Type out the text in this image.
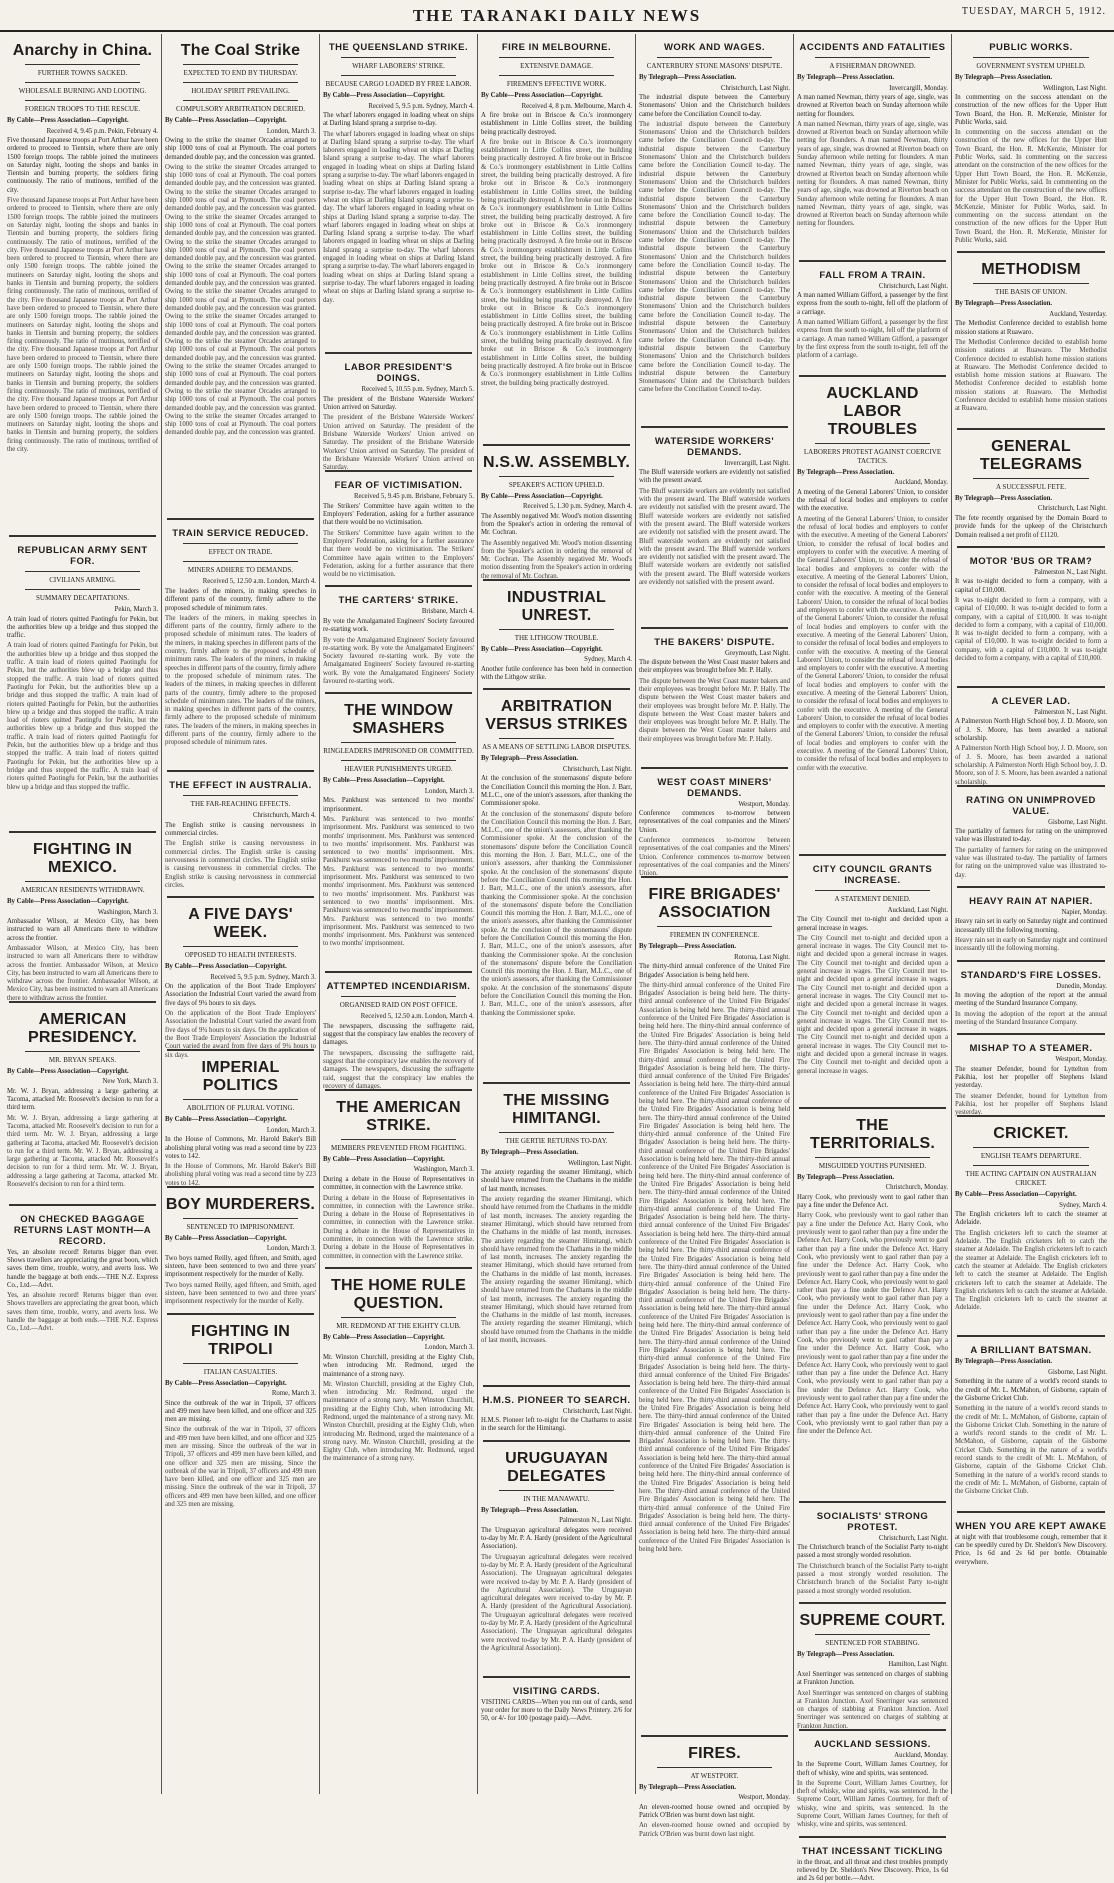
THE TARANAKI DAILY NEWS	TUESDAY, MARCH 5, 1912.
Anarchy in China.
FURTHER TOWNS SACKED.
WHOLESALE BURNING AND LOOTING.
FOREIGN TROOPS TO THE RESCUE.
By Cable—Press Association—Copyright.
Received 4, 9.45 p.m. Pekin, February 4.

Five thousand Japanese troops at Port Arthur have been ordered to proceed to Tientsin, where there are only 1500 foreign troops. The rabble joined the mutineers on Saturday night, looting the shops and banks in Tientsin and burning property, the soldiers firing continuously. The ratio of mutinous, terrified of the city.

Five thousand Japanese troops at Port Arthur have been ordered to proceed to Tientsin, where there are only 1500 foreign troops. The rabble joined the mutineers on Saturday night, looting the shops and banks in Tientsin and burning property, the soldiers firing continuously. The ratio of mutinous, terrified of the city. Five thousand Japanese troops at Port Arthur have been ordered to proceed to Tientsin, where there are only 1500 foreign troops. The rabble joined the mutineers on Saturday night, looting the shops and banks in Tientsin and burning property, the soldiers firing continuously. The ratio of mutinous, terrified of the city. Five thousand Japanese troops at Port Arthur have been ordered to proceed to Tientsin, where there are only 1500 foreign troops. The rabble joined the mutineers on Saturday night, looting the shops and banks in Tientsin and burning property, the soldiers firing continuously. The ratio of mutinous, terrified of the city. Five thousand Japanese troops at Port Arthur have been ordered to proceed to Tientsin, where there are only 1500 foreign troops. The rabble joined the mutineers on Saturday night, looting the shops and banks in Tientsin and burning property, the soldiers firing continuously. The ratio of mutinous, terrified of the city. Five thousand Japanese troops at Port Arthur have been ordered to proceed to Tientsin, where there are only 1500 foreign troops. The rabble joined the mutineers on Saturday night, looting the shops and banks in Tientsin and burning property, the soldiers firing continuously. The ratio of mutinous, terrified of the city.

REPUBLICAN ARMY SENT FOR.
CIVILIANS ARMING.
SUMMARY DECAPITATIONS.
Pekin, March 3.

A train load of rioters quitted Paotingfu for Pekin, but the authorities blew up a bridge and thus stopped the traffic.

A train load of rioters quitted Paotingfu for Pekin, but the authorities blew up a bridge and thus stopped the traffic. A train load of rioters quitted Paotingfu for Pekin, but the authorities blew up a bridge and thus stopped the traffic. A train load of rioters quitted Paotingfu for Pekin, but the authorities blew up a bridge and thus stopped the traffic. A train load of rioters quitted Paotingfu for Pekin, but the authorities blew up a bridge and thus stopped the traffic. A train load of rioters quitted Paotingfu for Pekin, but the authorities blew up a bridge and thus stopped the traffic. A train load of rioters quitted Paotingfu for Pekin, but the authorities blew up a bridge and thus stopped the traffic. A train load of rioters quitted Paotingfu for Pekin, but the authorities blew up a bridge and thus stopped the traffic. A train load of rioters quitted Paotingfu for Pekin, but the authorities blew up a bridge and thus stopped the traffic.

FIGHTING IN MEXICO.
AMERICAN RESIDENTS WITHDRAWN.
By Cable—Press Association—Copyright.
Washington, March 3.

Ambassador Wilson, at Mexico City, has been instructed to warn all Americans there to withdraw across the frontier.

Ambassador Wilson, at Mexico City, has been instructed to warn all Americans there to withdraw across the frontier. Ambassador Wilson, at Mexico City, has been instructed to warn all Americans there to withdraw across the frontier. Ambassador Wilson, at Mexico City, has been instructed to warn all Americans there to withdraw across the frontier.

AMERICAN PRESIDENCY.
MR. BRYAN SPEAKS.
By Cable—Press Association—Copyright.
New York, March 3.

Mr. W. J. Bryan, addressing a large gathering at Tacoma, attacked Mr. Roosevelt's decision to run for a third term.

Mr. W. J. Bryan, addressing a large gathering at Tacoma, attacked Mr. Roosevelt's decision to run for a third term. Mr. W. J. Bryan, addressing a large gathering at Tacoma, attacked Mr. Roosevelt's decision to run for a third term. Mr. W. J. Bryan, addressing a large gathering at Tacoma, attacked Mr. Roosevelt's decision to run for a third term. Mr. W. J. Bryan, addressing a large gathering at Tacoma, attacked Mr. Roosevelt's decision to run for a third term.

ON CHECKED BAGGAGE RETURNS LAST MONTH—A RECORD.

Yes, an absolute record! Returns bigger than ever. Shows travellers are appreciating the great boon, which saves them time, trouble, worry, and averts loss. We handle the baggage at both ends.—THE N.Z. Express Co., Ltd.—Advt.

Yes, an absolute record! Returns bigger than ever. Shows travellers are appreciating the great boon, which saves them time, trouble, worry, and averts loss. We handle the baggage at both ends.—THE N.Z. Express Co., Ltd.—Advt.

The Coal Strike
EXPECTED TO END BY THURSDAY.
HOLIDAY SPIRIT PREVAILING.
COMPULSORY ARBITRATION DECRIED.
By Cable—Press Association—Copyright.
London, March 3.

Owing to the strike the steamer Orcades arranged to ship 1000 tons of coal at Plymouth. The coal porters demanded double pay, and the concession was granted.

Owing to the strike the steamer Orcades arranged to ship 1000 tons of coal at Plymouth. The coal porters demanded double pay, and the concession was granted. Owing to the strike the steamer Orcades arranged to ship 1000 tons of coal at Plymouth. The coal porters demanded double pay, and the concession was granted. Owing to the strike the steamer Orcades arranged to ship 1000 tons of coal at Plymouth. The coal porters demanded double pay, and the concession was granted. Owing to the strike the steamer Orcades arranged to ship 1000 tons of coal at Plymouth. The coal porters demanded double pay, and the concession was granted. Owing to the strike the steamer Orcades arranged to ship 1000 tons of coal at Plymouth. The coal porters demanded double pay, and the concession was granted. Owing to the strike the steamer Orcades arranged to ship 1000 tons of coal at Plymouth. The coal porters demanded double pay, and the concession was granted. Owing to the strike the steamer Orcades arranged to ship 1000 tons of coal at Plymouth. The coal porters demanded double pay, and the concession was granted. Owing to the strike the steamer Orcades arranged to ship 1000 tons of coal at Plymouth. The coal porters demanded double pay, and the concession was granted. Owing to the strike the steamer Orcades arranged to ship 1000 tons of coal at Plymouth. The coal porters demanded double pay, and the concession was granted. Owing to the strike the steamer Orcades arranged to ship 1000 tons of coal at Plymouth. The coal porters demanded double pay, and the concession was granted. Owing to the strike the steamer Orcades arranged to ship 1000 tons of coal at Plymouth. The coal porters demanded double pay, and the concession was granted.

TRAIN SERVICE REDUCED.
EFFECT ON TRADE.
MINERS ADHERE TO DEMANDS.
Received 5, 12.50 a.m. London, March 4.

The leaders of the miners, in making speeches in different parts of the country, firmly adhere to the proposed schedule of minimum rates.

The leaders of the miners, in making speeches in different parts of the country, firmly adhere to the proposed schedule of minimum rates. The leaders of the miners, in making speeches in different parts of the country, firmly adhere to the proposed schedule of minimum rates. The leaders of the miners, in making speeches in different parts of the country, firmly adhere to the proposed schedule of minimum rates. The leaders of the miners, in making speeches in different parts of the country, firmly adhere to the proposed schedule of minimum rates. The leaders of the miners, in making speeches in different parts of the country, firmly adhere to the proposed schedule of minimum rates. The leaders of the miners, in making speeches in different parts of the country, firmly adhere to the proposed schedule of minimum rates.

THE EFFECT IN AUSTRALIA.
THE FAR-REACHING EFFECTS.
Christchurch, March 4.

The English strike is causing nervousness in commercial circles.

The English strike is causing nervousness in commercial circles. The English strike is causing nervousness in commercial circles. The English strike is causing nervousness in commercial circles. The English strike is causing nervousness in commercial circles.

A FIVE DAYS' WEEK.
OPPOSED TO HEALTH INTERESTS.
By Cable—Press Association—Copyright.
Received 5, 9.5 p.m. Sydney, March 3.

On the application of the Boot Trade Employers' Association the Industrial Court varied the award from five days of 9¾ hours to six days.

On the application of the Boot Trade Employers' Association the Industrial Court varied the award from five days of 9¾ hours to six days. On the application of the Boot Trade Employers' Association the Industrial Court varied the award from five days of 9¾ hours to six days.

IMPERIAL POLITICS
ABOLITION OF PLURAL VOTING.
By Cable—Press Association—Copyright.
London, March 3.

In the House of Commons, Mr. Harold Baker's Bill abolishing plural voting was read a second time by 223 votes to 142.

In the House of Commons, Mr. Harold Baker's Bill abolishing plural voting was read a second time by 223 votes to 142.

BOY MURDERERS.
SENTENCED TO IMPRISONMENT.
By Cable—Press Association—Copyright.
London, March 3.

Two boys named Reilly, aged fifteen, and Smith, aged sixteen, have been sentenced to two and three years' imprisonment respectively for the murder of Kelly.

Two boys named Reilly, aged fifteen, and Smith, aged sixteen, have been sentenced to two and three years' imprisonment respectively for the murder of Kelly.

FIGHTING IN TRIPOLI
ITALIAN CASUALTIES.
By Cable—Press Association—Copyright.
Rome, March 3.

Since the outbreak of the war in Tripoli, 37 officers and 499 men have been killed, and one officer and 325 men are missing.

Since the outbreak of the war in Tripoli, 37 officers and 499 men have been killed, and one officer and 325 men are missing. Since the outbreak of the war in Tripoli, 37 officers and 499 men have been killed, and one officer and 325 men are missing. Since the outbreak of the war in Tripoli, 37 officers and 499 men have been killed, and one officer and 325 men are missing. Since the outbreak of the war in Tripoli, 37 officers and 499 men have been killed, and one officer and 325 men are missing.

THE QUEENSLAND STRIKE.
WHARF LABORERS' STRIKE.
BECAUSE CARGO LOADED BY FREE LABOR.
By Cable—Press Association—Copyright.
Received 5, 9.5 p.m. Sydney, March 4.

The wharf laborers engaged in loading wheat on ships at Darling Island sprang a surprise to-day.

The wharf laborers engaged in loading wheat on ships at Darling Island sprang a surprise to-day. The wharf laborers engaged in loading wheat on ships at Darling Island sprang a surprise to-day. The wharf laborers engaged in loading wheat on ships at Darling Island sprang a surprise to-day. The wharf laborers engaged in loading wheat on ships at Darling Island sprang a surprise to-day. The wharf laborers engaged in loading wheat on ships at Darling Island sprang a surprise to-day. The wharf laborers engaged in loading wheat on ships at Darling Island sprang a surprise to-day. The wharf laborers engaged in loading wheat on ships at Darling Island sprang a surprise to-day. The wharf laborers engaged in loading wheat on ships at Darling Island sprang a surprise to-day. The wharf laborers engaged in loading wheat on ships at Darling Island sprang a surprise to-day. The wharf laborers engaged in loading wheat on ships at Darling Island sprang a surprise to-day. The wharf laborers engaged in loading wheat on ships at Darling Island sprang a surprise to-day.

LABOR PRESIDENT'S DOINGS.
Received 5, 10.55 p.m. Sydney, March 5.

The president of the Brisbane Waterside Workers' Union arrived on Saturday.

The president of the Brisbane Waterside Workers' Union arrived on Saturday. The president of the Brisbane Waterside Workers' Union arrived on Saturday. The president of the Brisbane Waterside Workers' Union arrived on Saturday. The president of the Brisbane Waterside Workers' Union arrived on Saturday.

FEAR OF VICTIMISATION.
Received 5, 9.45 p.m. Brisbane, February 5.

The Strikers' Committee have again written to the Employers' Federation, asking for a further assurance that there would be no victimisation.

The Strikers' Committee have again written to the Employers' Federation, asking for a further assurance that there would be no victimisation. The Strikers' Committee have again written to the Employers' Federation, asking for a further assurance that there would be no victimisation.

THE CARTERS' STRIKE.
Brisbane, March 4.

By vote the Amalgamated Engineers' Society favoured re-starting work.

By vote the Amalgamated Engineers' Society favoured re-starting work. By vote the Amalgamated Engineers' Society favoured re-starting work. By vote the Amalgamated Engineers' Society favoured re-starting work. By vote the Amalgamated Engineers' Society favoured re-starting work.

THE WINDOW SMASHERS
RINGLEADERS IMPRISONED OR COMMITTED.
HEAVIER PUNISHMENTS URGED.
By Cable—Press Association—Copyright.
London, March 3.

Mrs. Pankhurst was sentenced to two months' imprisonment.

Mrs. Pankhurst was sentenced to two months' imprisonment. Mrs. Pankhurst was sentenced to two months' imprisonment. Mrs. Pankhurst was sentenced to two months' imprisonment. Mrs. Pankhurst was sentenced to two months' imprisonment. Mrs. Pankhurst was sentenced to two months' imprisonment. Mrs. Pankhurst was sentenced to two months' imprisonment. Mrs. Pankhurst was sentenced to two months' imprisonment. Mrs. Pankhurst was sentenced to two months' imprisonment. Mrs. Pankhurst was sentenced to two months' imprisonment. Mrs. Pankhurst was sentenced to two months' imprisonment. Mrs. Pankhurst was sentenced to two months' imprisonment. Mrs. Pankhurst was sentenced to two months' imprisonment. Mrs. Pankhurst was sentenced to two months' imprisonment.

ATTEMPTED INCENDIARISM.
ORGANISED RAID ON POST OFFICE.
Received 5, 12.50 a.m. London, March 4.

The newspapers, discussing the suffragette raid, suggest that the conspiracy law enables the recovery of damages.

The newspapers, discussing the suffragette raid, suggest that the conspiracy law enables the recovery of damages. The newspapers, discussing the suffragette raid, suggest that the conspiracy law enables the recovery of damages.

THE AMERICAN STRIKE.
MEMBERS PREVENTED FROM FIGHTING.
By Cable—Press Association—Copyright.
Washington, March 3.

During a debate in the House of Representatives in committee, in connection with the Lawrence strike.

During a debate in the House of Representatives in committee, in connection with the Lawrence strike. During a debate in the House of Representatives in committee, in connection with the Lawrence strike. During a debate in the House of Representatives in committee, in connection with the Lawrence strike. During a debate in the House of Representatives in committee, in connection with the Lawrence strike.

THE HOME RULE QUESTION.
MR. REDMOND AT THE EIGHTY CLUB.
By Cable—Press Association—Copyright.
London, March 3.

Mr. Winston Churchill, presiding at the Eighty Club, when introducing Mr. Redmond, urged the maintenance of a strong navy.

Mr. Winston Churchill, presiding at the Eighty Club, when introducing Mr. Redmond, urged the maintenance of a strong navy. Mr. Winston Churchill, presiding at the Eighty Club, when introducing Mr. Redmond, urged the maintenance of a strong navy. Mr. Winston Churchill, presiding at the Eighty Club, when introducing Mr. Redmond, urged the maintenance of a strong navy. Mr. Winston Churchill, presiding at the Eighty Club, when introducing Mr. Redmond, urged the maintenance of a strong navy.

FIRE IN MELBOURNE.
EXTENSIVE DAMAGE.
FIREMEN'S EFFECTIVE WORK.
By Cable—Press Association—Copyright.
Received 4, 8 p.m. Melbourne, March 4.

A fire broke out in Briscoe & Co.'s ironmongery establishment in Little Collins street, the building being practically destroyed.

A fire broke out in Briscoe & Co.'s ironmongery establishment in Little Collins street, the building being practically destroyed. A fire broke out in Briscoe & Co.'s ironmongery establishment in Little Collins street, the building being practically destroyed. A fire broke out in Briscoe & Co.'s ironmongery establishment in Little Collins street, the building being practically destroyed. A fire broke out in Briscoe & Co.'s ironmongery establishment in Little Collins street, the building being practically destroyed. A fire broke out in Briscoe & Co.'s ironmongery establishment in Little Collins street, the building being practically destroyed. A fire broke out in Briscoe & Co.'s ironmongery establishment in Little Collins street, the building being practically destroyed. A fire broke out in Briscoe & Co.'s ironmongery establishment in Little Collins street, the building being practically destroyed. A fire broke out in Briscoe & Co.'s ironmongery establishment in Little Collins street, the building being practically destroyed. A fire broke out in Briscoe & Co.'s ironmongery establishment in Little Collins street, the building being practically destroyed. A fire broke out in Briscoe & Co.'s ironmongery establishment in Little Collins street, the building being practically destroyed. A fire broke out in Briscoe & Co.'s ironmongery establishment in Little Collins street, the building being practically destroyed. A fire broke out in Briscoe & Co.'s ironmongery establishment in Little Collins street, the building being practically destroyed.

N.S.W. ASSEMBLY.
SPEAKER'S ACTION UPHELD.
By Cable—Press Association—Copyright.
Received 5, 1.30 p.m. Sydney, March 4.

The Assembly negatived Mr. Wood's motion dissenting from the Speaker's action in ordering the removal of Mr. Cochran.

The Assembly negatived Mr. Wood's motion dissenting from the Speaker's action in ordering the removal of Mr. Cochran. The Assembly negatived Mr. Wood's motion dissenting from the Speaker's action in ordering the removal of Mr. Cochran.

INDUSTRIAL UNREST.
THE LITHGOW TROUBLE.
By Cable—Press Association—Copyright.
Sydney, March 4.

Another futile conference has been held in connection with the Lithgow strike.

ARBITRATION VERSUS STRIKES
AS A MEANS OF SETTLING LABOR DISPUTES.
By Telegraph—Press Association.
Christchurch, Last Night.

At the conclusion of the stonemasons' dispute before the Conciliation Council this morning the Hon. J. Barr, M.L.C., one of the union's assessors, after thanking the Commissioner spoke.

At the conclusion of the stonemasons' dispute before the Conciliation Council this morning the Hon. J. Barr, M.L.C., one of the union's assessors, after thanking the Commissioner spoke. At the conclusion of the stonemasons' dispute before the Conciliation Council this morning the Hon. J. Barr, M.L.C., one of the union's assessors, after thanking the Commissioner spoke. At the conclusion of the stonemasons' dispute before the Conciliation Council this morning the Hon. J. Barr, M.L.C., one of the union's assessors, after thanking the Commissioner spoke. At the conclusion of the stonemasons' dispute before the Conciliation Council this morning the Hon. J. Barr, M.L.C., one of the union's assessors, after thanking the Commissioner spoke. At the conclusion of the stonemasons' dispute before the Conciliation Council this morning the Hon. J. Barr, M.L.C., one of the union's assessors, after thanking the Commissioner spoke. At the conclusion of the stonemasons' dispute before the Conciliation Council this morning the Hon. J. Barr, M.L.C., one of the union's assessors, after thanking the Commissioner spoke. At the conclusion of the stonemasons' dispute before the Conciliation Council this morning the Hon. J. Barr, M.L.C., one of the union's assessors, after thanking the Commissioner spoke.

THE MISSING HIMITANGI.
THE GERTIE RETURNS TO-DAY.
By Telegraph—Press Association.
Wellington, Last Night.

The anxiety regarding the steamer Himitangi, which should have returned from the Chathams in the middle of last month, increases.

The anxiety regarding the steamer Himitangi, which should have returned from the Chathams in the middle of last month, increases. The anxiety regarding the steamer Himitangi, which should have returned from the Chathams in the middle of last month, increases. The anxiety regarding the steamer Himitangi, which should have returned from the Chathams in the middle of last month, increases. The anxiety regarding the steamer Himitangi, which should have returned from the Chathams in the middle of last month, increases. The anxiety regarding the steamer Himitangi, which should have returned from the Chathams in the middle of last month, increases. The anxiety regarding the steamer Himitangi, which should have returned from the Chathams in the middle of last month, increases. The anxiety regarding the steamer Himitangi, which should have returned from the Chathams in the middle of last month, increases.

H.M.S. PIONEER TO SEARCH.
Christchurch, Last Night.

H.M.S. Pioneer left to-night for the Chathams to assist in the search for the Himitangi.

URUGUAYAN DELEGATES
IN THE MANAWATU.
By Telegraph—Press Association.
Palmerston N., Last Night.

The Uruguayan agricultural delegates were received to-day by Mr. P. A. Hardy (president of the Agricultural Association).

The Uruguayan agricultural delegates were received to-day by Mr. P. A. Hardy (president of the Agricultural Association). The Uruguayan agricultural delegates were received to-day by Mr. P. A. Hardy (president of the Agricultural Association). The Uruguayan agricultural delegates were received to-day by Mr. P. A. Hardy (president of the Agricultural Association). The Uruguayan agricultural delegates were received to-day by Mr. P. A. Hardy (president of the Agricultural Association). The Uruguayan agricultural delegates were received to-day by Mr. P. A. Hardy (president of the Agricultural Association).

VISITING CARDS.

VISITING CARDS—When you run out of cards, send your order for more to the Daily News Printery. 2/6 for 50, or 4/- for 100 (postage paid).—Advt.

WORK AND WAGES.
CANTERBURY STONE MASONS' DISPUTE.
By Telegraph—Press Association.
Christchurch, Last Night.

The industrial dispute between the Canterbury Stonemasons' Union and the Christchurch builders came before the Conciliation Council to-day.

The industrial dispute between the Canterbury Stonemasons' Union and the Christchurch builders came before the Conciliation Council to-day. The industrial dispute between the Canterbury Stonemasons' Union and the Christchurch builders came before the Conciliation Council to-day. The industrial dispute between the Canterbury Stonemasons' Union and the Christchurch builders came before the Conciliation Council to-day. The industrial dispute between the Canterbury Stonemasons' Union and the Christchurch builders came before the Conciliation Council to-day. The industrial dispute between the Canterbury Stonemasons' Union and the Christchurch builders came before the Conciliation Council to-day. The industrial dispute between the Canterbury Stonemasons' Union and the Christchurch builders came before the Conciliation Council to-day. The industrial dispute between the Canterbury Stonemasons' Union and the Christchurch builders came before the Conciliation Council to-day. The industrial dispute between the Canterbury Stonemasons' Union and the Christchurch builders came before the Conciliation Council to-day. The industrial dispute between the Canterbury Stonemasons' Union and the Christchurch builders came before the Conciliation Council to-day. The industrial dispute between the Canterbury Stonemasons' Union and the Christchurch builders came before the Conciliation Council to-day. The industrial dispute between the Canterbury Stonemasons' Union and the Christchurch builders came before the Conciliation Council to-day.

WATERSIDE WORKERS' DEMANDS.
Invercargill, Last Night.

The Bluff waterside workers are evidently not satisfied with the present award.

The Bluff waterside workers are evidently not satisfied with the present award. The Bluff waterside workers are evidently not satisfied with the present award. The Bluff waterside workers are evidently not satisfied with the present award. The Bluff waterside workers are evidently not satisfied with the present award. The Bluff waterside workers are evidently not satisfied with the present award. The Bluff waterside workers are evidently not satisfied with the present award. The Bluff waterside workers are evidently not satisfied with the present award. The Bluff waterside workers are evidently not satisfied with the present award.

THE BAKERS' DISPUTE.
Greymouth, Last Night.

The dispute between the West Coast master bakers and their employees was brought before Mr. P. Hally.

The dispute between the West Coast master bakers and their employees was brought before Mr. P. Hally. The dispute between the West Coast master bakers and their employees was brought before Mr. P. Hally. The dispute between the West Coast master bakers and their employees was brought before Mr. P. Hally. The dispute between the West Coast master bakers and their employees was brought before Mr. P. Hally.

WEST COAST MINERS' DEMANDS.
Westport, Monday.

Conference commences to-morrow between representatives of the coal companies and the Miners' Union.

Conference commences to-morrow between representatives of the coal companies and the Miners' Union. Conference commences to-morrow between representatives of the coal companies and the Miners' Union.

FIRE BRIGADES' ASSOCIATION
FIREMEN IN CONFERENCE.
By Telegraph—Press Association.
Rotorua, Last Night.

The thirty-third annual conference of the United Fire Brigades' Association is being held here.

The thirty-third annual conference of the United Fire Brigades' Association is being held here. The thirty-third annual conference of the United Fire Brigades' Association is being held here. The thirty-third annual conference of the United Fire Brigades' Association is being held here. The thirty-third annual conference of the United Fire Brigades' Association is being held here. The thirty-third annual conference of the United Fire Brigades' Association is being held here. The thirty-third annual conference of the United Fire Brigades' Association is being held here. The thirty-third annual conference of the United Fire Brigades' Association is being held here. The thirty-third annual conference of the United Fire Brigades' Association is being held here. The thirty-third annual conference of the United Fire Brigades' Association is being held here. The thirty-third annual conference of the United Fire Brigades' Association is being held here. The thirty-third annual conference of the United Fire Brigades' Association is being held here. The thirty-third annual conference of the United Fire Brigades' Association is being held here. The thirty-third annual conference of the United Fire Brigades' Association is being held here. The thirty-third annual conference of the United Fire Brigades' Association is being held here. The thirty-third annual conference of the United Fire Brigades' Association is being held here. The thirty-third annual conference of the United Fire Brigades' Association is being held here. The thirty-third annual conference of the United Fire Brigades' Association is being held here. The thirty-third annual conference of the United Fire Brigades' Association is being held here. The thirty-third annual conference of the United Fire Brigades' Association is being held here. The thirty-third annual conference of the United Fire Brigades' Association is being held here. The thirty-third annual conference of the United Fire Brigades' Association is being held here. The thirty-third annual conference of the United Fire Brigades' Association is being held here. The thirty-third annual conference of the United Fire Brigades' Association is being held here. The thirty-third annual conference of the United Fire Brigades' Association is being held here. The thirty-third annual conference of the United Fire Brigades' Association is being held here. The thirty-third annual conference of the United Fire Brigades' Association is being held here. The thirty-third annual conference of the United Fire Brigades' Association is being held here. The thirty-third annual conference of the United Fire Brigades' Association is being held here. The thirty-third annual conference of the United Fire Brigades' Association is being held here. The thirty-third annual conference of the United Fire Brigades' Association is being held here. The thirty-third annual conference of the United Fire Brigades' Association is being held here. The thirty-third annual conference of the United Fire Brigades' Association is being held here. The thirty-third annual conference of the United Fire Brigades' Association is being held here. The thirty-third annual conference of the United Fire Brigades' Association is being held here. The thirty-third annual conference of the United Fire Brigades' Association is being held here. The thirty-third annual conference of the United Fire Brigades' Association is being held here. The thirty-third annual conference of the United Fire Brigades' Association is being held here. The thirty-third annual conference of the United Fire Brigades' Association is being held here.

FIRES.
AT WESTPORT.
By Telegraph—Press Association.
Westport, Monday.

An eleven-roomed house owned and occupied by Patrick O'Brien was burnt down last night.

An eleven-roomed house owned and occupied by Patrick O'Brien was burnt down last night.

ACCIDENTS AND FATALITIES
A FISHERMAN DROWNED.
By Telegraph—Press Association.
Invercargill, Monday.

A man named Newman, thirty years of age, single, was drowned at Riverton beach on Sunday afternoon while netting for flounders.

A man named Newman, thirty years of age, single, was drowned at Riverton beach on Sunday afternoon while netting for flounders. A man named Newman, thirty years of age, single, was drowned at Riverton beach on Sunday afternoon while netting for flounders. A man named Newman, thirty years of age, single, was drowned at Riverton beach on Sunday afternoon while netting for flounders. A man named Newman, thirty years of age, single, was drowned at Riverton beach on Sunday afternoon while netting for flounders. A man named Newman, thirty years of age, single, was drowned at Riverton beach on Sunday afternoon while netting for flounders.

FALL FROM A TRAIN.
Christchurch, Last Night.

A man named William Gifford, a passenger by the first express from the south to-night, fell off the platform of a carriage.

A man named William Gifford, a passenger by the first express from the south to-night, fell off the platform of a carriage. A man named William Gifford, a passenger by the first express from the south to-night, fell off the platform of a carriage.

AUCKLAND LABOR TROUBLES
LABORERS PROTEST AGAINST COERCIVE TACTICS.
By Telegraph—Press Association.
Auckland, Monday.

A meeting of the General Laborers' Union, to consider the refusal of local bodies and employers to confer with the executive.

A meeting of the General Laborers' Union, to consider the refusal of local bodies and employers to confer with the executive. A meeting of the General Laborers' Union, to consider the refusal of local bodies and employers to confer with the executive. A meeting of the General Laborers' Union, to consider the refusal of local bodies and employers to confer with the executive. A meeting of the General Laborers' Union, to consider the refusal of local bodies and employers to confer with the executive. A meeting of the General Laborers' Union, to consider the refusal of local bodies and employers to confer with the executive. A meeting of the General Laborers' Union, to consider the refusal of local bodies and employers to confer with the executive. A meeting of the General Laborers' Union, to consider the refusal of local bodies and employers to confer with the executive. A meeting of the General Laborers' Union, to consider the refusal of local bodies and employers to confer with the executive. A meeting of the General Laborers' Union, to consider the refusal of local bodies and employers to confer with the executive. A meeting of the General Laborers' Union, to consider the refusal of local bodies and employers to confer with the executive. A meeting of the General Laborers' Union, to consider the refusal of local bodies and employers to confer with the executive. A meeting of the General Laborers' Union, to consider the refusal of local bodies and employers to confer with the executive. A meeting of the General Laborers' Union, to consider the refusal of local bodies and employers to confer with the executive.

CITY COUNCIL GRANTS INCREASE.
A STATEMENT DENIED.
Auckland, Last Night.

The City Council met to-night and decided upon a general increase in wages.

The City Council met to-night and decided upon a general increase in wages. The City Council met to-night and decided upon a general increase in wages. The City Council met to-night and decided upon a general increase in wages. The City Council met to-night and decided upon a general increase in wages. The City Council met to-night and decided upon a general increase in wages. The City Council met to-night and decided upon a general increase in wages. The City Council met to-night and decided upon a general increase in wages. The City Council met to-night and decided upon a general increase in wages. The City Council met to-night and decided upon a general increase in wages. The City Council met to-night and decided upon a general increase in wages. The City Council met to-night and decided upon a general increase in wages.

THE TERRITORIALS.
MISGUIDED YOUTHS PUNISHED.
By Telegraph—Press Association.
Christchurch, Monday.

Harry Cook, who previously went to gaol rather than pay a fine under the Defence Act.

Harry Cook, who previously went to gaol rather than pay a fine under the Defence Act. Harry Cook, who previously went to gaol rather than pay a fine under the Defence Act. Harry Cook, who previously went to gaol rather than pay a fine under the Defence Act. Harry Cook, who previously went to gaol rather than pay a fine under the Defence Act. Harry Cook, who previously went to gaol rather than pay a fine under the Defence Act. Harry Cook, who previously went to gaol rather than pay a fine under the Defence Act. Harry Cook, who previously went to gaol rather than pay a fine under the Defence Act. Harry Cook, who previously went to gaol rather than pay a fine under the Defence Act. Harry Cook, who previously went to gaol rather than pay a fine under the Defence Act. Harry Cook, who previously went to gaol rather than pay a fine under the Defence Act. Harry Cook, who previously went to gaol rather than pay a fine under the Defence Act. Harry Cook, who previously went to gaol rather than pay a fine under the Defence Act. Harry Cook, who previously went to gaol rather than pay a fine under the Defence Act. Harry Cook, who previously went to gaol rather than pay a fine under the Defence Act. Harry Cook, who previously went to gaol rather than pay a fine under the Defence Act. Harry Cook, who previously went to gaol rather than pay a fine under the Defence Act.

SOCIALISTS' STRONG PROTEST.
Christchurch, Last Night.

The Christchurch branch of the Socialist Party to-night passed a most strongly worded resolution.

The Christchurch branch of the Socialist Party to-night passed a most strongly worded resolution. The Christchurch branch of the Socialist Party to-night passed a most strongly worded resolution.

SUPREME COURT.
SENTENCED FOR STABBING.
By Telegraph—Press Association.
Hamilton, Last Night.

Axel Snerringer was sentenced on charges of stabbing at Frankton Junction.

Axel Snerringer was sentenced on charges of stabbing at Frankton Junction. Axel Snerringer was sentenced on charges of stabbing at Frankton Junction. Axel Snerringer was sentenced on charges of stabbing at Frankton Junction.

AUCKLAND SESSIONS.
Auckland, Monday.

In the Supreme Court, William James Courtney, for theft of whisky, wine and spirits, was sentenced.

In the Supreme Court, William James Courtney, for theft of whisky, wine and spirits, was sentenced. In the Supreme Court, William James Courtney, for theft of whisky, wine and spirits, was sentenced. In the Supreme Court, William James Courtney, for theft of whisky, wine and spirits, was sentenced.

THAT INCESSANT TICKLING

in the throat, and all throat and chest troubles promptly relieved by Dr. Sheldon's New Discovery. Price, 1s 6d and 2s 6d per bottle.—Advt.

PUBLIC WORKS.
GOVERNMENT SYSTEM UPHELD.
By Telegraph—Press Association.
Wellington, Last Night.

In commenting on the success attendant on the construction of the new offices for the Upper Hutt Town Board, the Hon. R. McKenzie, Minister for Public Works, said.

In commenting on the success attendant on the construction of the new offices for the Upper Hutt Town Board, the Hon. R. McKenzie, Minister for Public Works, said. In commenting on the success attendant on the construction of the new offices for the Upper Hutt Town Board, the Hon. R. McKenzie, Minister for Public Works, said. In commenting on the success attendant on the construction of the new offices for the Upper Hutt Town Board, the Hon. R. McKenzie, Minister for Public Works, said. In commenting on the success attendant on the construction of the new offices for the Upper Hutt Town Board, the Hon. R. McKenzie, Minister for Public Works, said.

METHODISM
THE BASIS OF UNION.
By Telegraph—Press Association.
Auckland, Yesterday.

The Methodist Conference decided to establish home mission stations at Ruawaro.

The Methodist Conference decided to establish home mission stations at Ruawaro. The Methodist Conference decided to establish home mission stations at Ruawaro. The Methodist Conference decided to establish home mission stations at Ruawaro. The Methodist Conference decided to establish home mission stations at Ruawaro. The Methodist Conference decided to establish home mission stations at Ruawaro.

GENERAL TELEGRAMS
A SUCCESSFUL FETE.
By Telegraph—Press Association.
Christchurch, Last Night.

The fete recently organised by the Domain Board to provide funds for the upkeep of the Christchurch Domain realised a net profit of £1120.

MOTOR 'BUS OR TRAM?
Palmerston N., Last Night.

It was to-night decided to form a company, with a capital of £10,000.

It was to-night decided to form a company, with a capital of £10,000. It was to-night decided to form a company, with a capital of £10,000. It was to-night decided to form a company, with a capital of £10,000. It was to-night decided to form a company, with a capital of £10,000. It was to-night decided to form a company, with a capital of £10,000. It was to-night decided to form a company, with a capital of £10,000.

A CLEVER LAD.
Palmerston N., Last Night.

A Palmerston North High School boy, J. D. Moore, son of J. S. Moore, has been awarded a national scholarship.

A Palmerston North High School boy, J. D. Moore, son of J. S. Moore, has been awarded a national scholarship. A Palmerston North High School boy, J. D. Moore, son of J. S. Moore, has been awarded a national scholarship.

RATING ON UNIMPROVED VALUE.
Gisborne, Last Night.

The partiality of farmers for rating on the unimproved value was illustrated to-day.

The partiality of farmers for rating on the unimproved value was illustrated to-day. The partiality of farmers for rating on the unimproved value was illustrated to-day.

HEAVY RAIN AT NAPIER.
Napier, Monday.

Heavy rain set in early on Saturday night and continued incessantly till the following morning.

Heavy rain set in early on Saturday night and continued incessantly till the following morning.

STANDARD'S FIRE LOSSES.
Dunedin, Monday.

In moving the adoption of the report at the annual meeting of the Standard Insurance Company.

In moving the adoption of the report at the annual meeting of the Standard Insurance Company.

MISHAP TO A STEAMER.
Westport, Monday.

The steamer Defender, bound for Lyttelton from Pakihia, lost her propeller off Stephens Island yesterday.

The steamer Defender, bound for Lyttelton from Pakihia, lost her propeller off Stephens Island yesterday.

CRICKET.
ENGLISH TEAM'S DEPARTURE.
THE ACTING CAPTAIN ON AUSTRALIAN CRICKET.
By Cable—Press Association—Copyright.
Sydney, March 4.

The English cricketers left to catch the steamer at Adelaide.

The English cricketers left to catch the steamer at Adelaide. The English cricketers left to catch the steamer at Adelaide. The English cricketers left to catch the steamer at Adelaide. The English cricketers left to catch the steamer at Adelaide. The English cricketers left to catch the steamer at Adelaide. The English cricketers left to catch the steamer at Adelaide. The English cricketers left to catch the steamer at Adelaide. The English cricketers left to catch the steamer at Adelaide.

A BRILLIANT BATSMAN.
By Telegraph—Press Association.
Gisborne, Last Night.

Something in the nature of a world's record stands to the credit of Mr. L. McMahon, of Gisborne, captain of the Gisborne Cricket Club.

Something in the nature of a world's record stands to the credit of Mr. L. McMahon, of Gisborne, captain of the Gisborne Cricket Club. Something in the nature of a world's record stands to the credit of Mr. L. McMahon, of Gisborne, captain of the Gisborne Cricket Club. Something in the nature of a world's record stands to the credit of Mr. L. McMahon, of Gisborne, captain of the Gisborne Cricket Club. Something in the nature of a world's record stands to the credit of Mr. L. McMahon, of Gisborne, captain of the Gisborne Cricket Club.

WHEN YOU ARE KEPT AWAKE

at night with that troublesome cough, remember that it can be speedily cured by Dr. Sheldon's New Discovery. Price, 1s 6d and 2s 6d per bottle. Obtainable everywhere.
